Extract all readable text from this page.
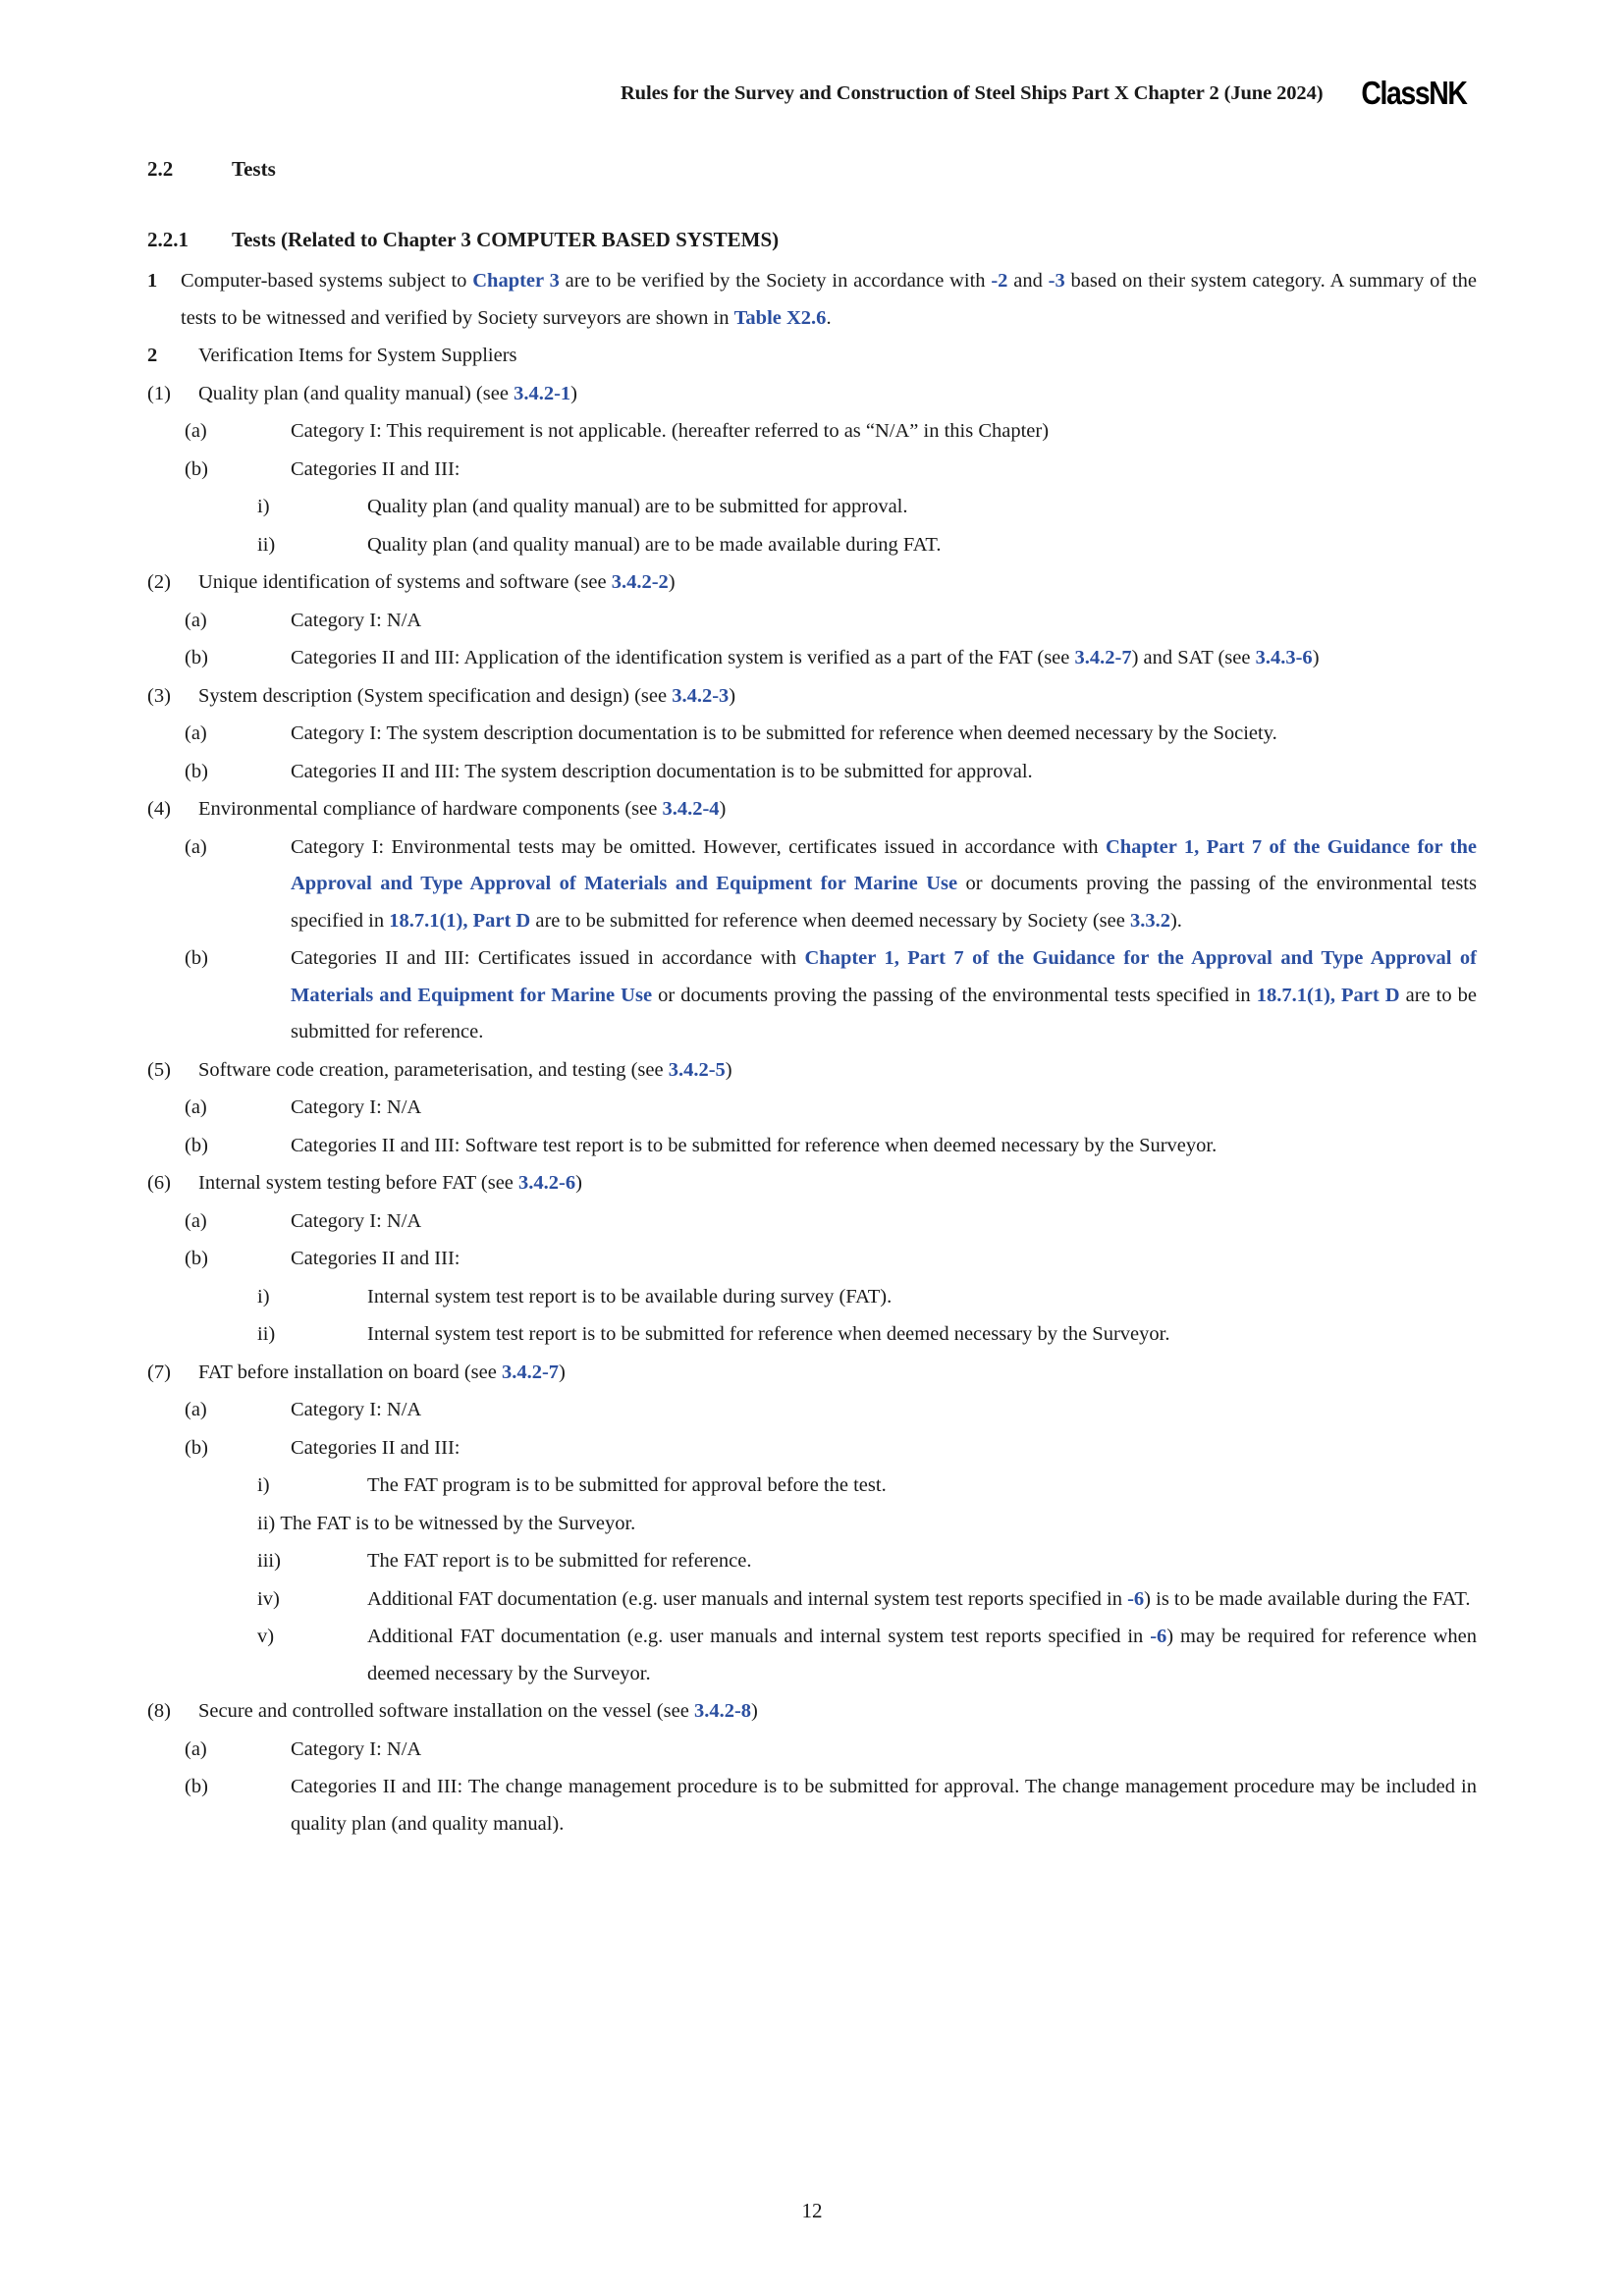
Rules for the Survey and Construction of Steel Ships Part X Chapter 2 (June 2024) ClassNK
2.2	Tests
2.2.1	Tests (Related to Chapter 3 COMPUTER BASED SYSTEMS)
1 Computer-based systems subject to Chapter 3 are to be verified by the Society in accordance with -2 and -3 based on their system category. A summary of the tests to be witnessed and verified by Society surveyors are shown in Table X2.6.
2 Verification Items for System Suppliers
(1) Quality plan (and quality manual) (see 3.4.2-1)
(a)	Category I: This requirement is not applicable. (hereafter referred to as “N/A” in this Chapter)
(b)	Categories II and III:
i)	Quality plan (and quality manual) are to be submitted for approval.
ii)	Quality plan (and quality manual) are to be made available during FAT.
(2) Unique identification of systems and software (see 3.4.2-2)
(a)	Category I: N/A
(b)	Categories II and III: Application of the identification system is verified as a part of the FAT (see 3.4.2-7) and SAT (see 3.4.3-6)
(3) System description (System specification and design) (see 3.4.2-3)
(a)	Category I: The system description documentation is to be submitted for reference when deemed necessary by the Society.
(b)	Categories II and III: The system description documentation is to be submitted for approval.
(4) Environmental compliance of hardware components (see 3.4.2-4)
(a)	Category I: Environmental tests may be omitted. However, certificates issued in accordance with Chapter 1, Part 7 of the Guidance for the Approval and Type Approval of Materials and Equipment for Marine Use or documents proving the passing of the environmental tests specified in 18.7.1(1), Part D are to be submitted for reference when deemed necessary by Society (see 3.3.2).
(b)	Categories II and III: Certificates issued in accordance with Chapter 1, Part 7 of the Guidance for the Approval and Type Approval of Materials and Equipment for Marine Use or documents proving the passing of the environmental tests specified in 18.7.1(1), Part D are to be submitted for reference.
(5) Software code creation, parameterisation, and testing (see 3.4.2-5)
(a)	Category I: N/A
(b)	Categories II and III: Software test report is to be submitted for reference when deemed necessary by the Surveyor.
(6) Internal system testing before FAT (see 3.4.2-6)
(a)	Category I: N/A
(b)	Categories II and III:
i)	Internal system test report is to be available during survey (FAT).
ii)	Internal system test report is to be submitted for reference when deemed necessary by the Surveyor.
(7) FAT before installation on board (see 3.4.2-7)
(a)	Category I: N/A
(b)	Categories II and III:
i)	The FAT program is to be submitted for approval before the test.
ii) The FAT is to be witnessed by the Surveyor.
iii)	The FAT report is to be submitted for reference.
iv)	Additional FAT documentation (e.g. user manuals and internal system test reports specified in -6) is to be made available during the FAT.
v)	Additional FAT documentation (e.g. user manuals and internal system test reports specified in -6) may be required for reference when deemed necessary by the Surveyor.
(8) Secure and controlled software installation on the vessel (see 3.4.2-8)
(a)	Category I: N/A
(b)	Categories II and III: The change management procedure is to be submitted for approval. The change management procedure may be included in quality plan (and quality manual).
12
